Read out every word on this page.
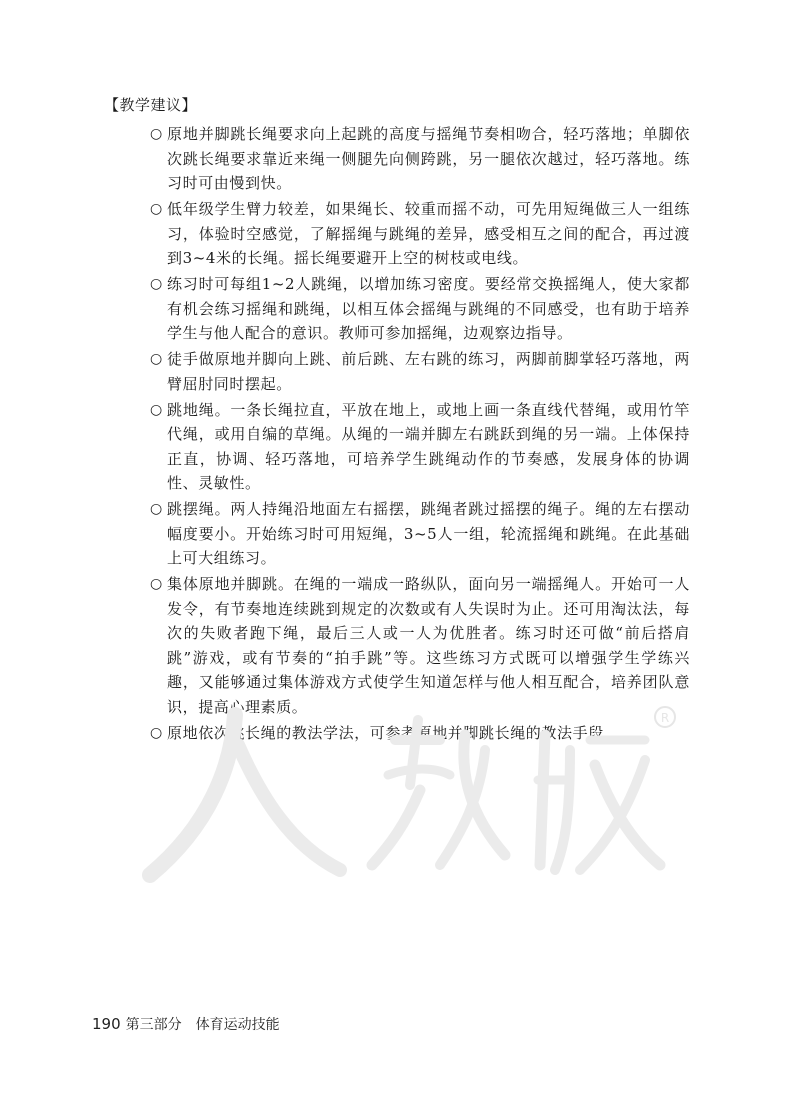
【教学建议】
○ 原地并脚跳长绳要求向上起跳的高度与摇绳节奏相吻合，轻巧落地；单脚依次跳长绳要求靠近来绳一侧腿先向侧跨跳，另一腿依次越过，轻巧落地。练习时可由慢到快。
○ 低年级学生臂力较差，如果绳长、较重而摇不动，可先用短绳做三人一组练习，体验时空感觉，了解摇绳与跳绳的差异，感受相互之间的配合，再过渡到3~4米的长绳。摇长绳要避开上空的树枝或电线。
○ 练习时可每组1~2人跳绳，以增加练习密度。要经常交换摇绳人，使大家都有机会练习摇绳和跳绳，以相互体会摇绳与跳绳的不同感受，也有助于培养学生与他人配合的意识。教师可参加摇绳，边观察边指导。
○ 徒手做原地并脚向上跳、前后跳、左右跳的练习，两脚前脚掌轻巧落地，两臂屈肘同时摆起。
○ 跳地绳。一条长绳拉直，平放在地上，或地上画一条直线代替绳，或用竹竿代绳，或用自编的草绳。从绳的一端并脚左右跳跃到绳的另一端。上体保持正直，协调、轻巧落地，可培养学生跳绳动作的节奏感，发展身体的协调性、灵敏性。
○ 跳摆绳。两人持绳沿地面左右摇摆，跳绳者跳过摇摆的绳子。绳的左右摆动幅度要小。开始练习时可用短绳，3~5人一组，轮流摇绳和跳绳。在此基础上可大组练习。
○ 集体原地并脚跳。在绳的一端成一路纵队，面向另一端摇绳人。开始可一人发令，有节奏地连续跳到规定的次数或有人失误时为止。还可用淘汰法，每次的失败者跑下绳，最后三人或一人为优胜者。练习时还可做“前后搭肩跳”游戏，或有节奏的“拍手跳”等。这些练习方式既可以增强学生学练兴趣，又能够通过集体游戏方式使学生知道怎样与他人相互配合，培养团队意识，提高心理素质。
○ 原地依次跳长绳的教法学法，可参考原地并脚跳长绳的教法手段。
R
190 第三部分 体育运动技能
